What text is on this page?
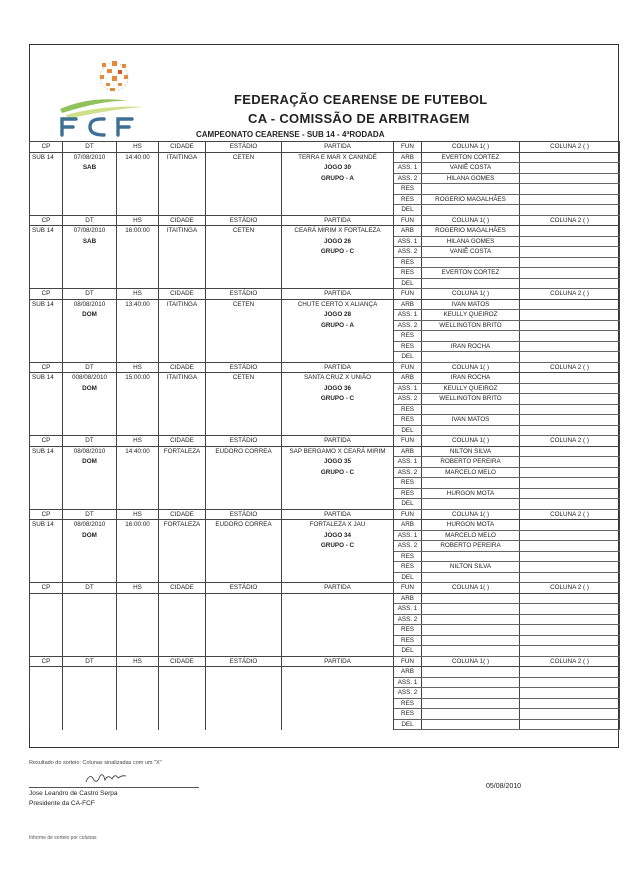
FEDERAÇÃO CEARENSE DE FUTEBOL
CA - COMISSÃO DE ARBITRAGEM
CAMPEONATO CEARENSE - SUB 14 - 4ªRODADA
CP	DT	HS	CIDADE	ESTÁDIO	PARTIDA	FUN	COLUNA 1( )	COLUNA 2 ( )
SUB 14	07/08/2010	14:40:00	ITAITINGA	CETEN	TERRA E MAR X CANINDÉ	ARB	EVERTON CORTEZ	
	SAB				JOGO 30	ASS. 1	VANIÊ COSTA	
					GRUPO - A	ASS. 2	HILANA GOMES	
						RES		
						RES	ROGERIO MAGALHÃES	
						DEL		
CP	DT	HS	CIDADE	ESTÁDIO	PARTIDA	FUN	COLUNA 1( )	COLUNA 2 ( )
SUB 14	07/08/2010	16:00:00	ITAITINGA	CETEN	CEARÁ MIRIM X FORTALEZA	ARB	ROGERIO MAGALHÃES	
	SAB				JOGO 26	ASS. 1	HILANA GOMES	
					GRUPO - C	ASS. 2	VANIÊ COSTA	
						RES		
						RES	EVERTON CORTEZ	
						DEL		
CP	DT	HS	CIDADE	ESTÁDIO	PARTIDA	FUN	COLUNA 1( )	COLUNA 2 ( )
SUB 14	08/08/2010	13:40:00	ITAITINGA	CETEN	CHUTE CERTO X ALIANÇA	ARB	IVAN MATOS	
	DOM				JOGO 28	ASS. 1	KEULLY QUEIROZ	
					GRUPO - A	ASS. 2	WELLINGTON BRITO	
						RES		
						RES	IRAN ROCHA	
						DEL		
CP	DT	HS	CIDADE	ESTÁDIO	PARTIDA	FUN	COLUNA 1( )	COLUNA 2 ( )
SUB 14	008/08/2010	15:00:00	ITAITINGA	CETEN	SANTA CRUZ X UNIÃO	ARB	IRAN ROCHA	
	DOM				JOGO 36	ASS. 1	KEULLY QUEIROZ	
					GRUPO - C	ASS. 2	WELLINGTON BRITO	
						RES		
						RES	IVAN MATOS	
						DEL		
CP	DT	HS	CIDADE	ESTÁDIO	PARTIDA	FUN	COLUNA 1( )	COLUNA 2 ( )
SUB 14	08/08/2010	14:40:00	FORTALEZA	EUDORO CORREA	SAP BERGAMO X CEARÁ MIRIM	ARB	NILTON SILVA	
	DOM				JOGO 35	ASS. 1	ROBERTO PEREIRA	
					GRUPO - C	ASS. 2	MARCELO MELO	
						RES		
						RES	HURGON MOTA	
						DEL		
CP	DT	HS	CIDADE	ESTÁDIO	PARTIDA	FUN	COLUNA 1( )	COLUNA 2 ( )
SUB 14	08/08/2010	16:00:00	FORTALEZA	EUDORO CORREA	FORTALEZA X JAU	ARB	HURGON MOTA	
	DOM				JOGO 34	ASS. 1	MARCELO MELO	
					GRUPO - C	ASS. 2	ROBERTO PEREIRA	
						RES		
						RES	NILTON SILVA	
						DEL		
CP	DT	HS	CIDADE	ESTÁDIO	PARTIDA	FUN	COLUNA 1( )	COLUNA 2 ( )
						ARB		
						ASS. 1		
						ASS. 2		
						RES		
						RES		
						DEL		
CP	DT	HS	CIDADE	ESTÁDIO	PARTIDA	FUN	COLUNA 1( )	COLUNA 2 ( )
						ARB		
						ASS. 1		
						ASS. 2		
						RES		
						RES		
						DEL		
Resultado do sorteio: Colunas sinalizadas com um "X"
Jose Leandro de Castro Serpa
Presidente da CA-FCF
05/08/2010
Informe de sorteio por colunas
